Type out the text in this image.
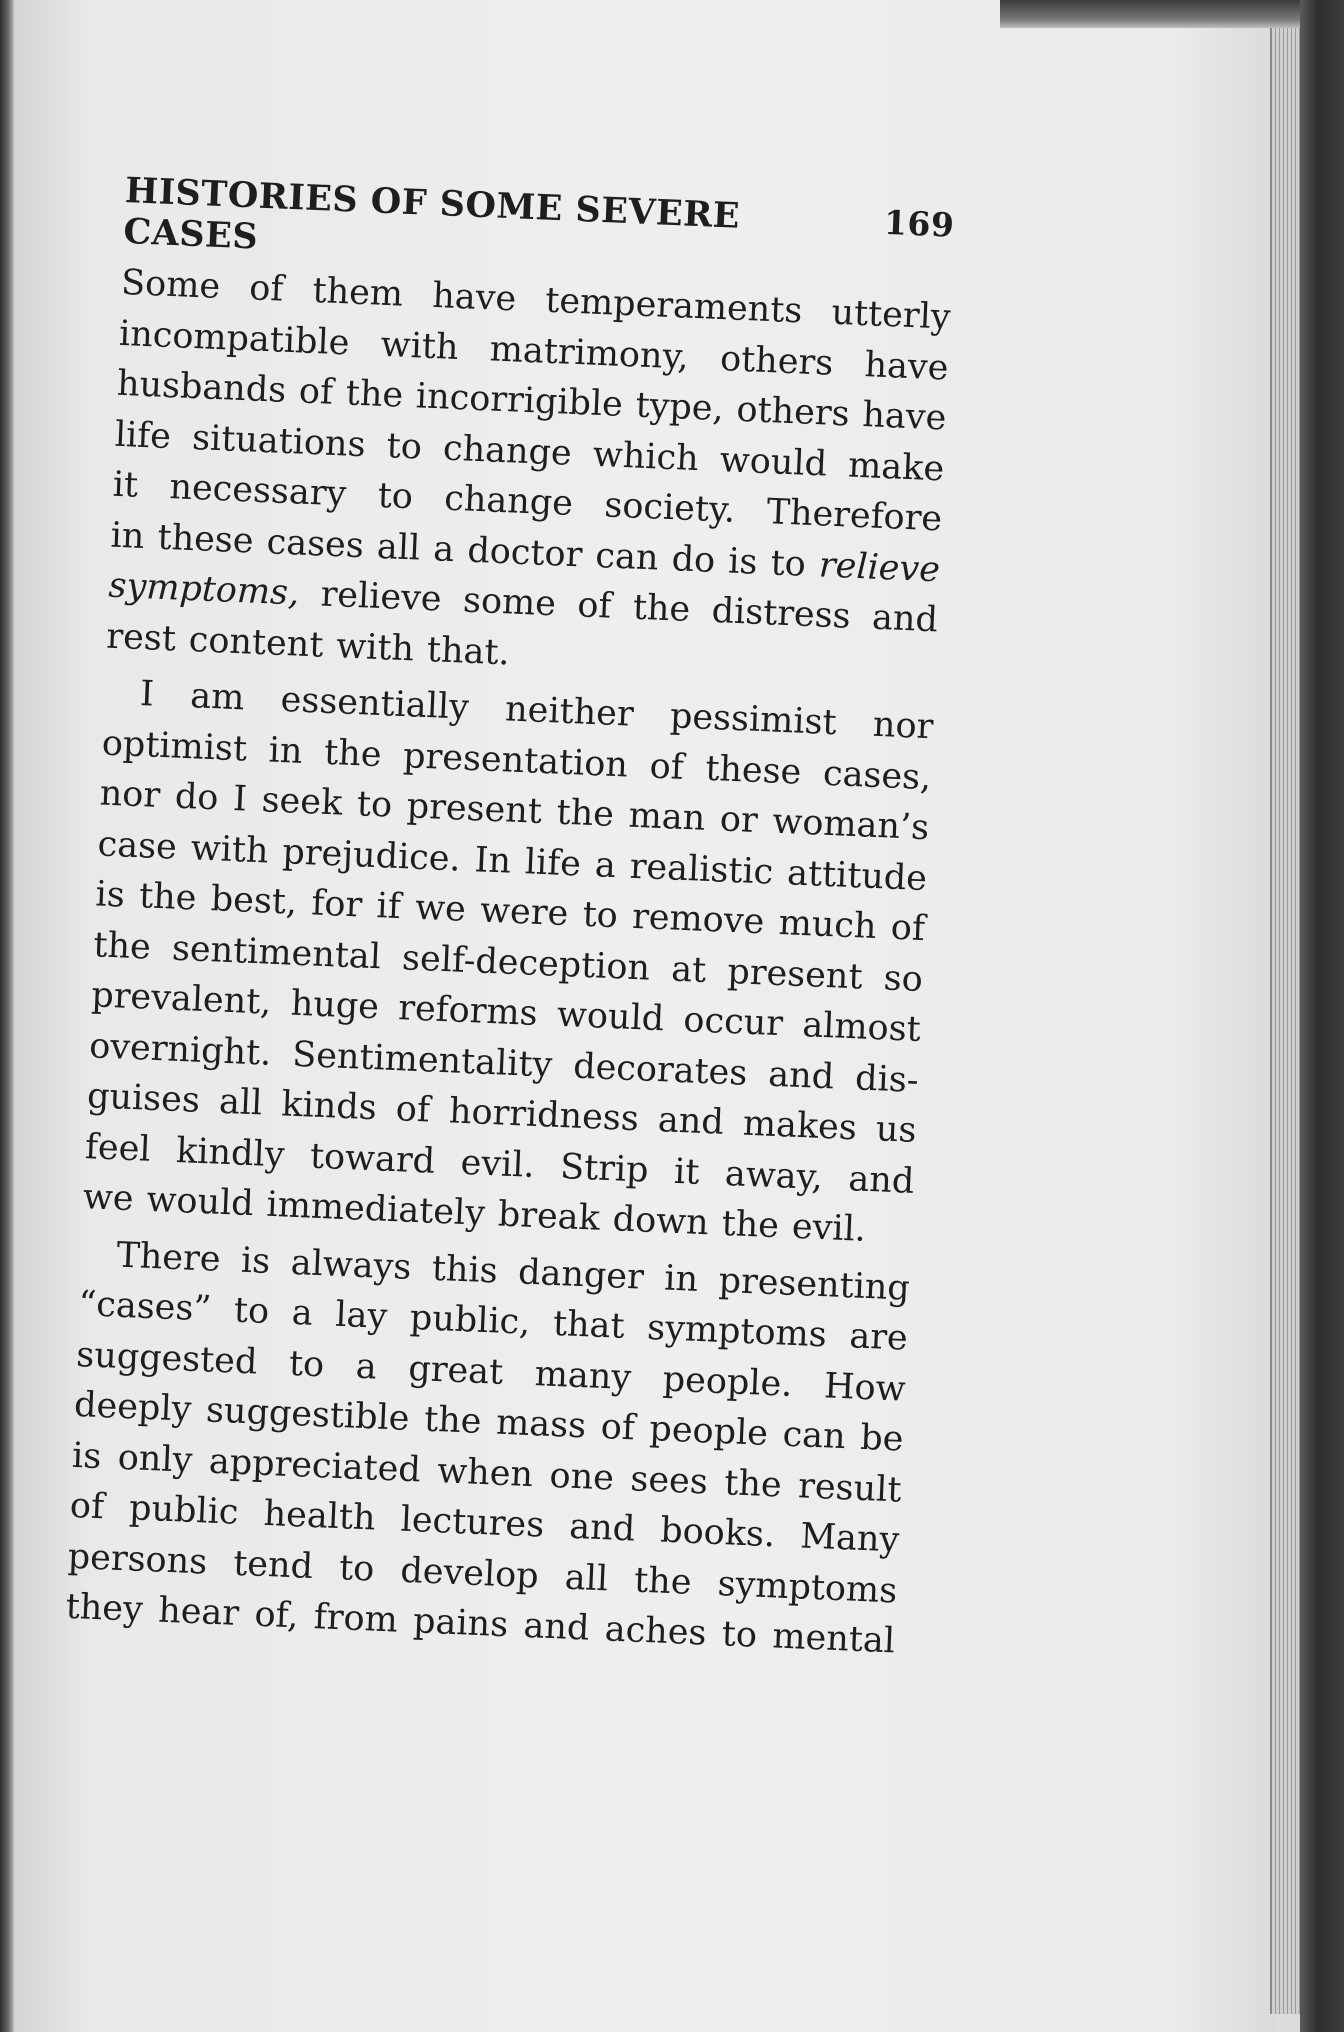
HISTORIES OF SOME SEVERE CASES	169
Some of them have temperaments utterly
incompatible with matrimony, others have
husbands of the incorrigible type, others have
life situations to change which would make
it necessary to change society. Therefore
in these cases all a doctor can do is to relieve
symptoms, relieve some of the distress and
rest content with that.
I am essentially neither pessimist nor
optimist in the presentation of these cases,
nor do I seek to present the man or woman’s
case with prejudice. In life a realistic attitude
is the best, for if we were to remove much of
the sentimental self-deception at present so
prevalent, huge reforms would occur almost
overnight. Sentimentality decorates and dis-
guises all kinds of horridness and makes us
feel kindly toward evil. Strip it away, and
we would immediately break down the evil.
There is always this danger in presenting
“cases” to a lay public, that symptoms are
suggested to a great many people. How
deeply suggestible the mass of people can be
is only appreciated when one sees the result
of public health lectures and books. Many
persons tend to develop all the symptoms
they hear of, from pains and aches to mental
